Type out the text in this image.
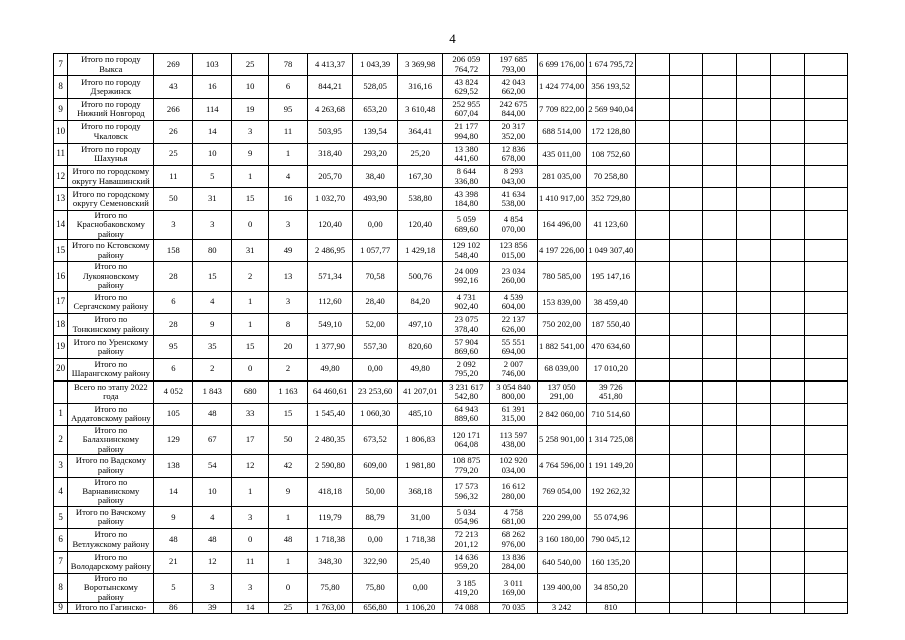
4
7	Итого по городу Выкса	269	103	25	78	4 413,37	1 043,39	3 369,98	206 059 764,72	197 685 793,00	6 699 176,00	1 674 795,72						
8	Итого по городу Дзержинск	43	16	10	6	844,21	528,05	316,16	43 824 629,52	42 043 662,00	1 424 774,00	356 193,52						
9	Итого по городу Нижний Новгород	266	114	19	95	4 263,68	653,20	3 610,48	252 955 607,04	242 675 844,00	7 709 822,00	2 569 940,04						
10	Итого по городу Чкаловск	26	14	3	11	503,95	139,54	364,41	21 177 994,80	20 317 352,00	688 514,00	172 128,80						
11	Итого по городу Шахунья	25	10	9	1	318,40	293,20	25,20	13 380 441,60	12 836 678,00	435 011,00	108 752,60						
12	Итого по городскому округу Навашинский	11	5	1	4	205,70	38,40	167,30	8 644 336,80	8 293 043,00	281 035,00	70 258,80						
13	Итого по городскому округу Семеновский	50	31	15	16	1 032,70	493,90	538,80	43 398 184,80	41 634 538,00	1 410 917,00	352 729,80						
14	Итого по Краснобаковскому району	3	3	0	3	120,40	0,00	120,40	5 059 689,60	4 854 070,00	164 496,00	41 123,60						
15	Итого по Кстовскому району	158	80	31	49	2 486,95	1 057,77	1 429,18	129 102 548,40	123 856 015,00	4 197 226,00	1 049 307,40						
16	Итого по Лукояновскому району	28	15	2	13	571,34	70,58	500,76	24 009 992,16	23 034 260,00	780 585,00	195 147,16						
17	Итого по Сергачскому району	6	4	1	3	112,60	28,40	84,20	4 731 902,40	4 539 604,00	153 839,00	38 459,40						
18	Итого по Тонкинскому району	28	9	1	8	549,10	52,00	497,10	23 075 378,40	22 137 626,00	750 202,00	187 550,40						
19	Итого по Уренскому району	95	35	15	20	1 377,90	557,30	820,60	57 904 869,60	55 551 694,00	1 882 541,00	470 634,60						
20	Итого по Шарангскому району	6	2	0	2	49,80	0,00	49,80	2 092 795,20	2 007 746,00	68 039,00	17 010,20						
	Всего по этапу 2022 года	4 052	1 843	680	1 163	64 460,61	23 253,60	41 207,01	3 231 617 542,80	3 054 840 800,00	137 050 291,00	39 726 451,80						
1	Итого по Ардатовскому району	105	48	33	15	1 545,40	1 060,30	485,10	64 943 889,60	61 391 315,00	2 842 060,00	710 514,60						
2	Итого по Балахнинскому району	129	67	17	50	2 480,35	673,52	1 806,83	120 171 064,08	113 597 438,00	5 258 901,00	1 314 725,08						
3	Итого по Вадскому району	138	54	12	42	2 590,80	609,00	1 981,80	108 875 779,20	102 920 034,00	4 764 596,00	1 191 149,20						
4	Итого по Варнавинскому району	14	10	1	9	418,18	50,00	368,18	17 573 596,32	16 612 280,00	769 054,00	192 262,32						
5	Итого по Вачскому району	9	4	3	1	119,79	88,79	31,00	5 034 054,96	4 758 681,00	220 299,00	55 074,96						
6	Итого по Ветлужскому району	48	48	0	48	1 718,38	0,00	1 718,38	72 213 201,12	68 262 976,00	3 160 180,00	790 045,12						
7	Итого по Володарскому району	21	12	11	1	348,30	322,90	25,40	14 636 959,20	13 836 284,00	640 540,00	160 135,20						
8	Итого по Воротынскому району	5	3	3	0	75,80	75,80	0,00	3 185 419,20	3 011 169,00	139 400,00	34 850,20						
9	Итого по Гагинско-	86	39	14	25	1 763,00	656,80	1 106,20	74 088	70 035	3 242	810						
